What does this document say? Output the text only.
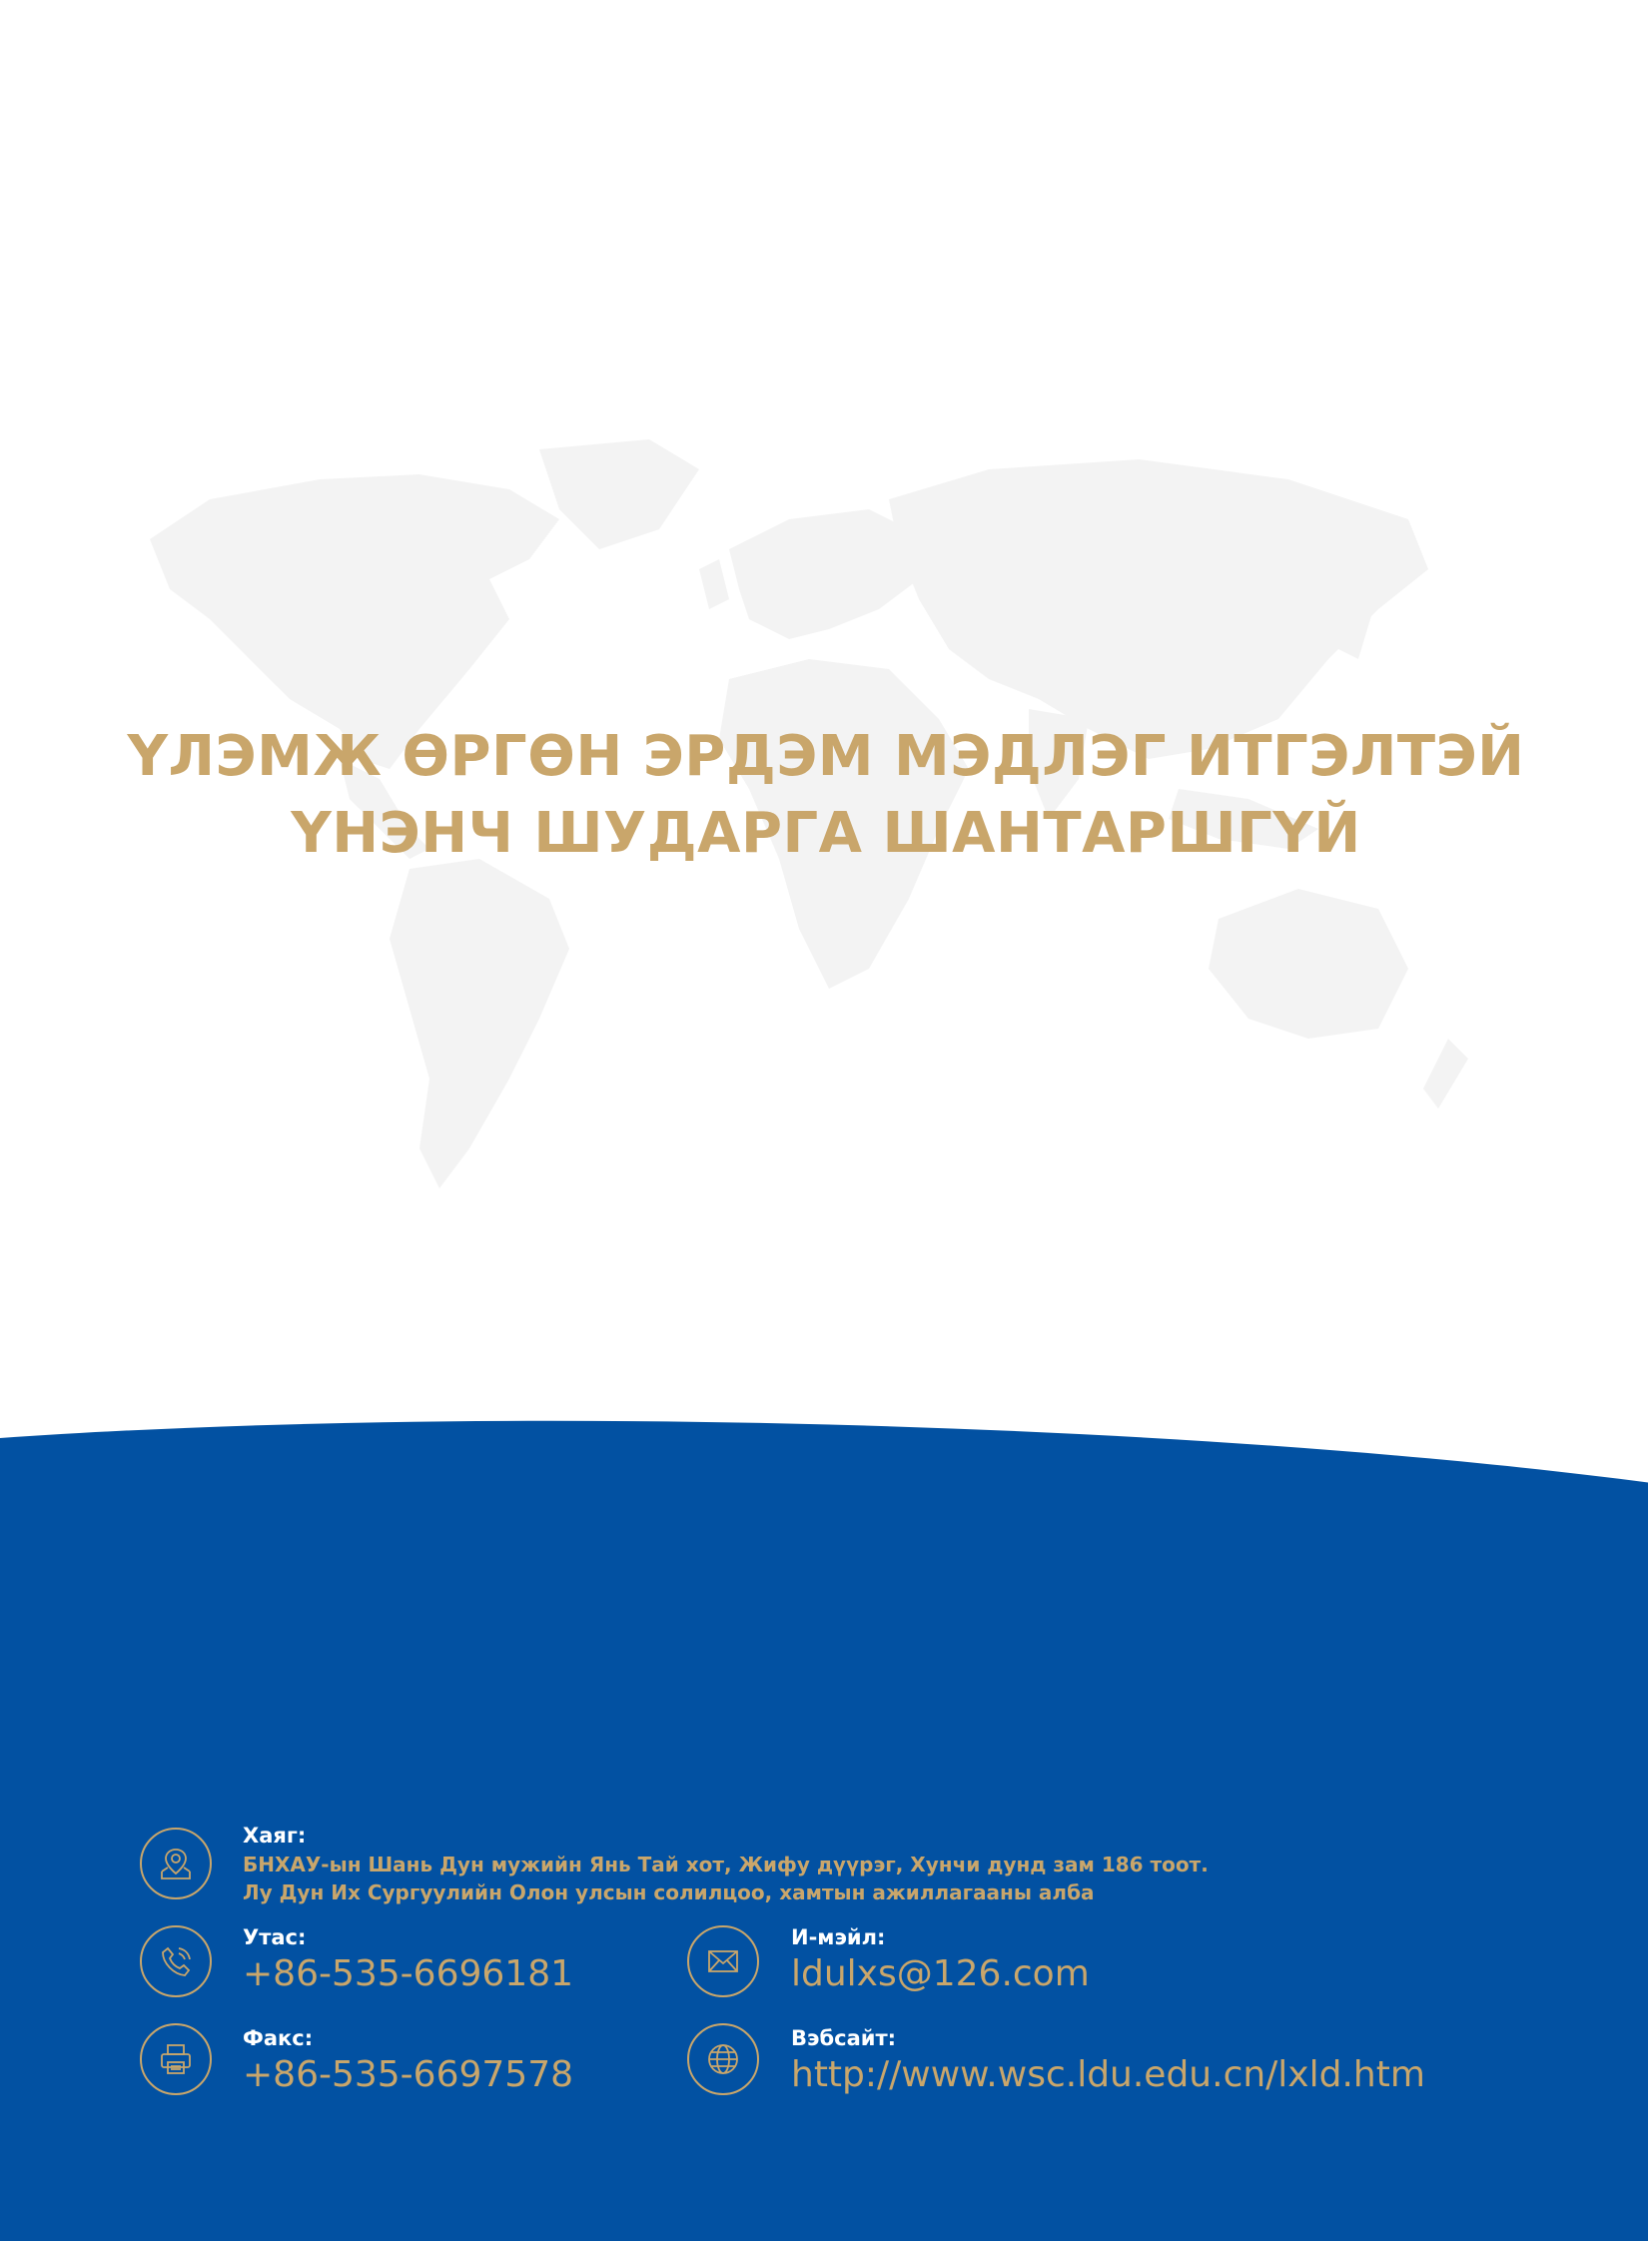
ҮЛЭМЖ ӨРГӨН ЭРДЭМ МЭДЛЭГ ИТГЭЛТЭЙ
ҮНЭНЧ ШУДАРГА ШАНТАРШГҮЙ
Хаяг:
БНХАУ-ын Шань Дун мужийн Янь Тай хот, Жифу дүүрэг, Хунчи дунд зам 186 тоот.
Лу Дун Их Сургуулийн Олон улсын солилцоо, хамтын ажиллагааны алба
Утас:
+86-535-6696181
Факс:
+86-535-6697578
И-мэйл:
ldulxs@126.com
Вэбсайт:
http://www.wsc.ldu.edu.cn/lxld.htm
